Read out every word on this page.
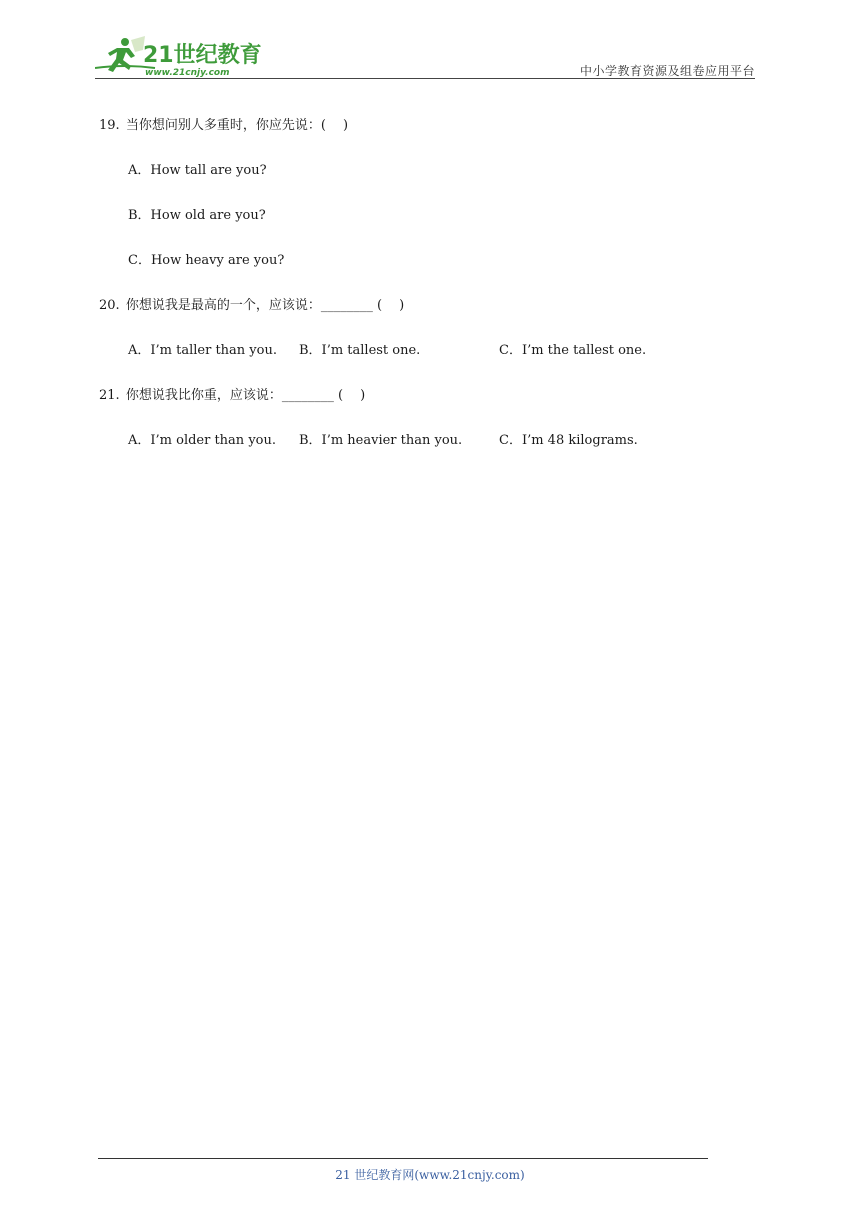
21世纪教育
www.21cnjy.com	中小学教育资源及组卷应用平台
19. 当你想问别人多重时，你应先说：(　 )
A．How tall are you?
B．How old are you?
C．How heavy are you?
20. 你想说我是最高的一个，应该说：________ (　 )
A．I’m taller than you. B．I’m tallest one.	C．I’m the tallest one.
21. 你想说我比你重，应该说：________ (　 )
A．I’m older than you. B．I’m heavier than you.	C．I’m 48 kilograms.
21 世纪教育网(www.21cnjy.com)
